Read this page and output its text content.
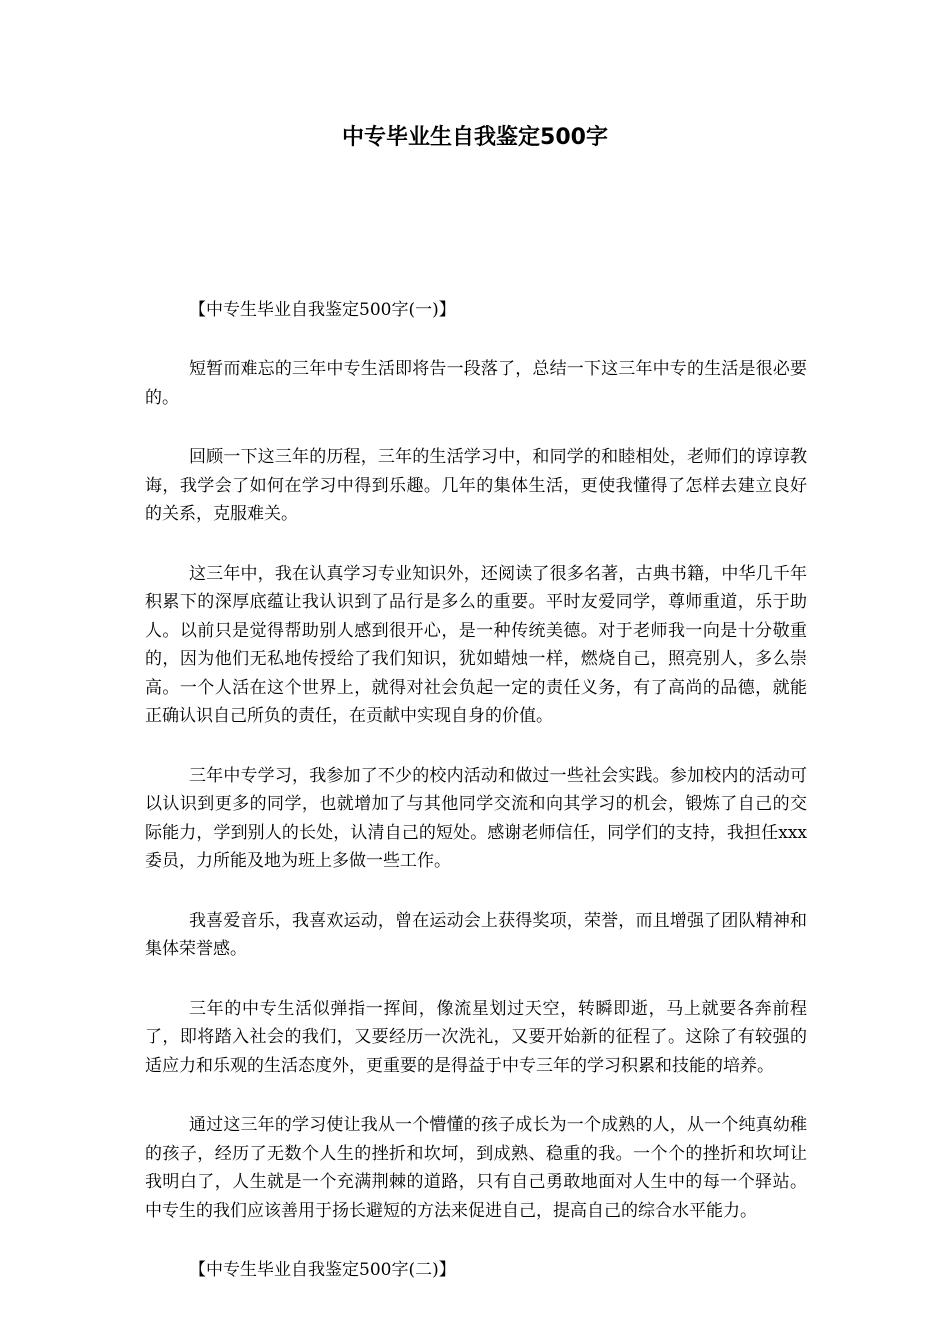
中专毕业生自我鉴定500字

【中专生毕业自我鉴定500字(一)】

短暂而难忘的三年中专生活即将告一段落了，总结一下这三年中专的生活是很必要的。

回顾一下这三年的历程，三年的生活学习中，和同学的和睦相处，老师们的谆谆教诲，我学会了如何在学习中得到乐趣。几年的集体生活，更使我懂得了怎样去建立良好的关系，克服难关。

这三年中，我在认真学习专业知识外，还阅读了很多名著，古典书籍，中华几千年积累下的深厚底蕴让我认识到了品行是多么的重要。平时友爱同学，尊师重道，乐于助人。以前只是觉得帮助别人感到很开心，是一种传统美德。对于老师我一向是十分敬重的，因为他们无私地传授给了我们知识，犹如蜡烛一样，燃烧自己，照亮别人，多么崇高。一个人活在这个世界上，就得对社会负起一定的责任义务，有了高尚的品德，就能正确认识自己所负的责任，在贡献中实现自身的价值。

三年中专学习，我参加了不少的校内活动和做过一些社会实践。参加校内的活动可以认识到更多的同学，也就增加了与其他同学交流和向其学习的机会，锻炼了自己的交际能力，学到别人的长处，认清自己的短处。感谢老师信任，同学们的支持，我担任xxx委员，力所能及地为班上多做一些工作。

我喜爱音乐，我喜欢运动，曾在运动会上获得奖项，荣誉，而且增强了团队精神和集体荣誉感。

三年的中专生活似弹指一挥间，像流星划过天空，转瞬即逝，马上就要各奔前程了，即将踏入社会的我们，又要经历一次洗礼，又要开始新的征程了。这除了有较强的适应力和乐观的生活态度外，更重要的是得益于中专三年的学习积累和技能的培养。

通过这三年的学习使让我从一个懵懂的孩子成长为一个成熟的人，从一个纯真幼稚的孩子，经历了无数个人生的挫折和坎坷，到成熟、稳重的我。一个个的挫折和坎坷让我明白了，人生就是一个充满荆棘的道路，只有自己勇敢地面对人生中的每一个驿站。中专生的我们应该善用于扬长避短的方法来促进自己，提高自己的综合水平能力。

【中专生毕业自我鉴定500字(二)】
